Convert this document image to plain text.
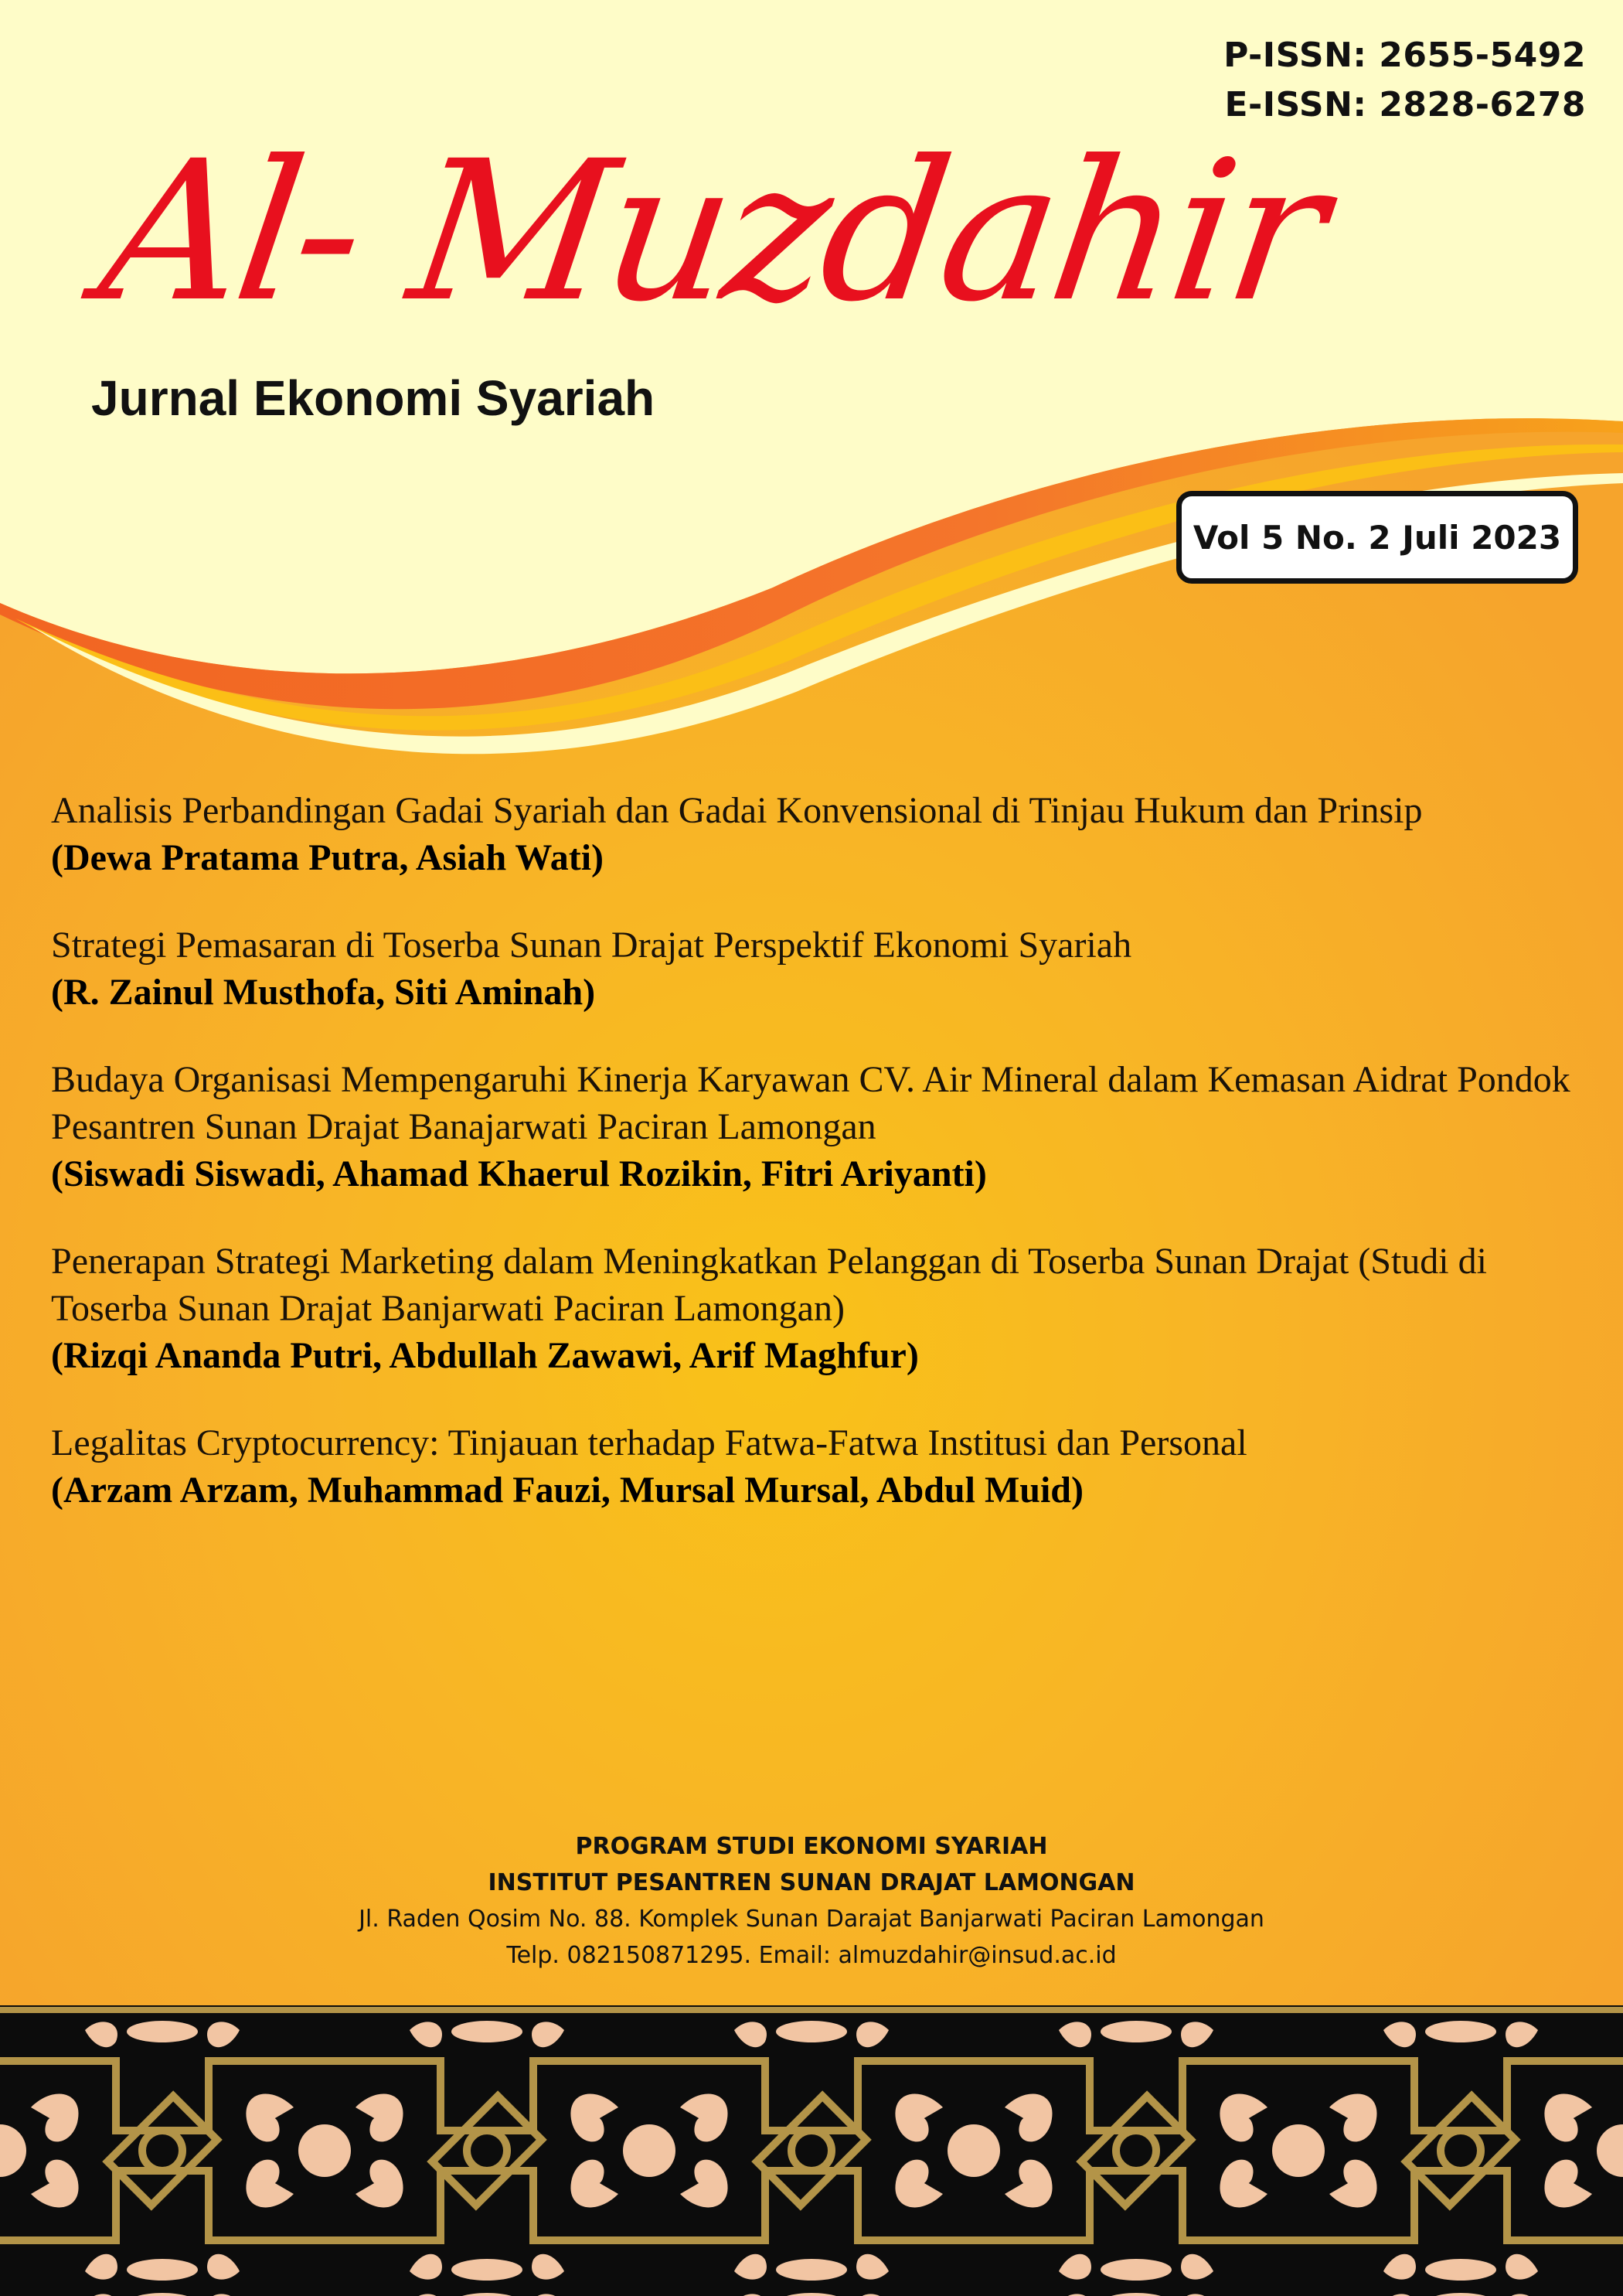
P-ISSN: 2655-5492

E-ISSN: 2828-6278

Al- Muzdahir
Jurnal Ekonomi Syariah
Vol 5 No. 2 Juli 2023
Analisis Perbandingan Gadai Syariah dan Gadai Konvensional di Tinjau Hukum dan Prinsip
(Dewa Pratama Putra, Asiah Wati)
Strategi Pemasaran di Toserba Sunan Drajat Perspektif Ekonomi Syariah
(R. Zainul Musthofa, Siti Aminah)
Budaya Organisasi Mempengaruhi Kinerja Karyawan CV. Air Mineral dalam Kemasan Aidrat Pondok Pesantren Sunan Drajat Banajarwati Paciran Lamongan
(Siswadi Siswadi, Ahamad Khaerul Rozikin, Fitri Ariyanti)
Penerapan Strategi Marketing dalam Meningkatkan Pelanggan di Toserba Sunan Drajat (Studi di Toserba Sunan Drajat Banjarwati Paciran Lamongan)
(Rizqi Ananda Putri, Abdullah Zawawi, Arif Maghfur)
Legalitas Cryptocurrency: Tinjauan terhadap Fatwa-Fatwa Institusi dan Personal
(Arzam Arzam, Muhammad Fauzi, Mursal Mursal, Abdul Muid)
PROGRAM STUDI EKONOMI SYARIAH
INSTITUT PESANTREN SUNAN DRAJAT LAMONGAN
Jl. Raden Qosim No. 88. Komplek Sunan Darajat Banjarwati Paciran Lamongan
Telp. 082150871295. Email: almuzdahir@insud.ac.id
